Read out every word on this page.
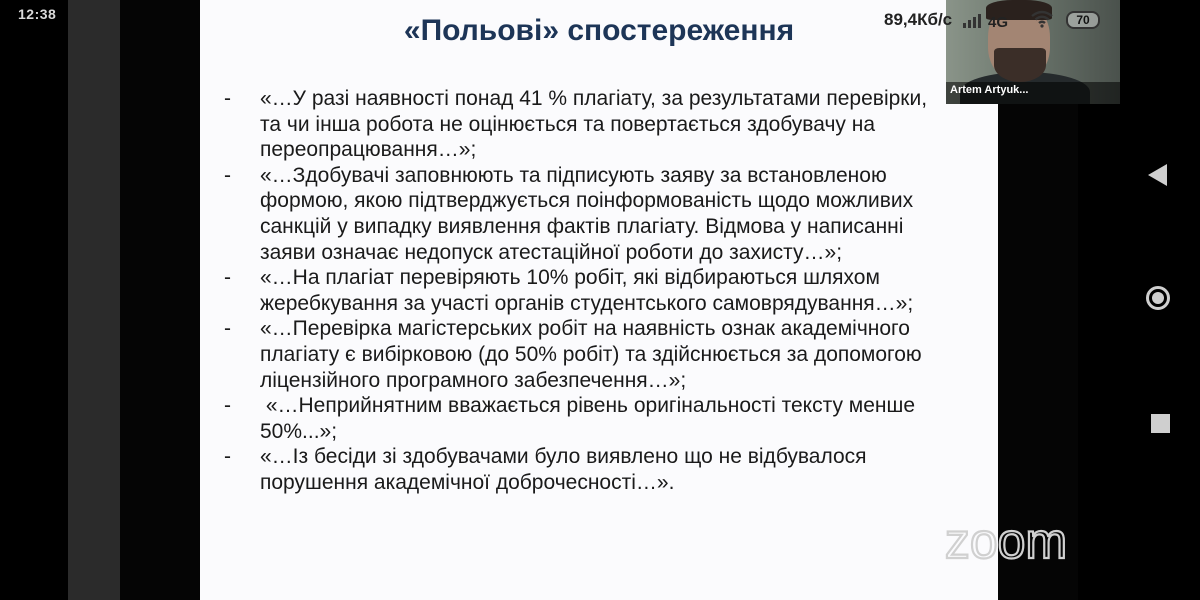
12:38	«Польові» спостереження
- «…У разі наявності понад 41 % плагіату, за результатами перевірки,
та чи інша робота не оцінюється та повертається здобувачу на
переопрацювання…»;
- «…Здобувачі заповнюють та підписують заяву за встановленою
формою, якою підтверджується поінформованість щодо можливих
санкцій у випадку виявлення фактів плагіату. Відмова у написанні
заяви означає недопуск атестаційної роботи до захисту…»;
- «…На плагіат перевіряють 10% робіт, які відбираються шляхом
жеребкування за участі органів студентського самоврядування…»;
- «…Перевірка магістерських робіт на наявність ознак академічного
плагіату є вибірковою (до 50% робіт) та здійснюється за допомогою
ліцензійного програмного забезпечення…»;
- «…Неприйнятним вважається рівень оригінальності тексту менше
50%...»;
- «…Із бесіди зі здобувачами було виявлено що не відбувалося
порушення академічної доброчесності…».
Artem Artyuk...
89,4Кб/с 4G	70
zoom
